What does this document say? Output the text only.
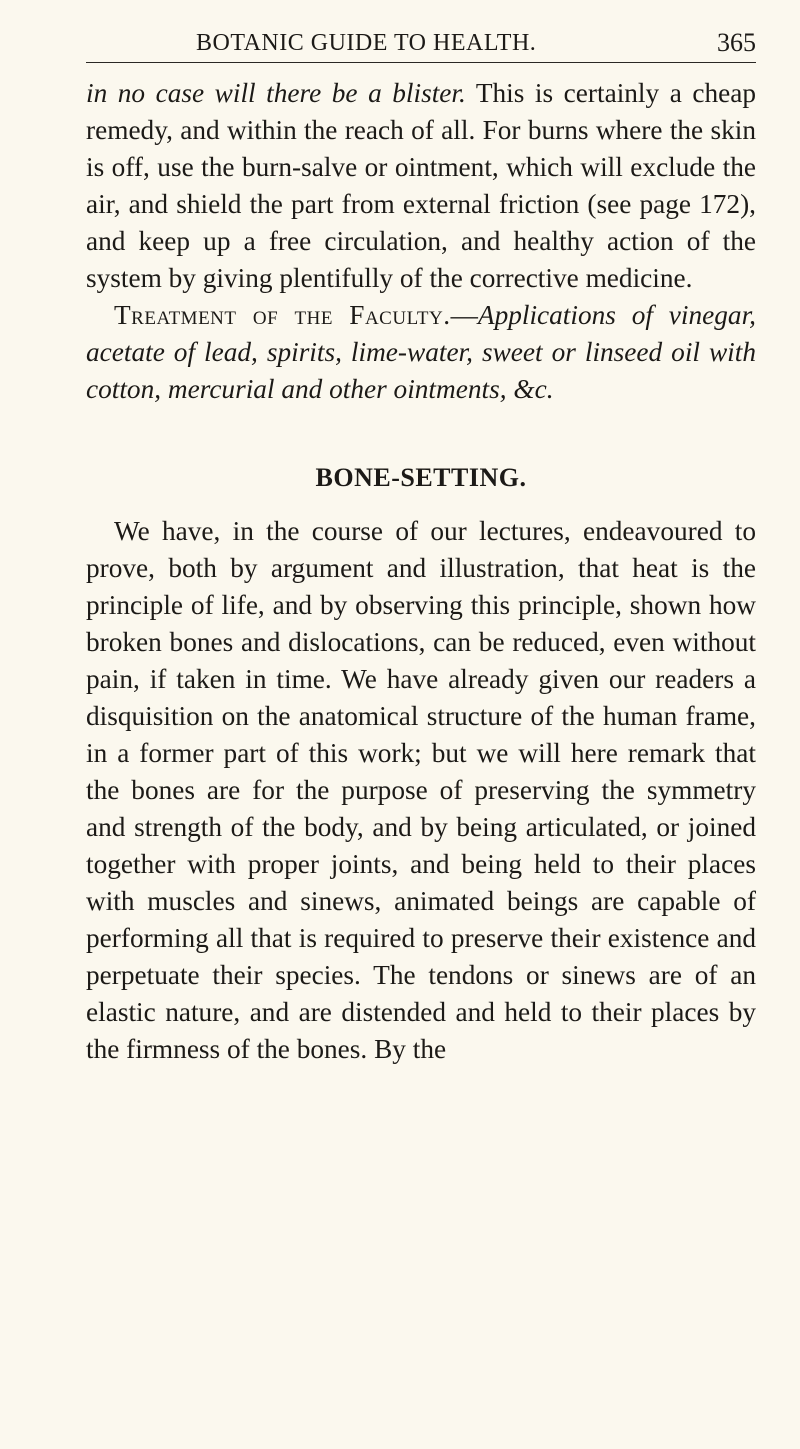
BOTANIC GUIDE TO HEALTH.	365

in no case will there be a blister. This is certainly a cheap remedy, and within the reach of all. For burns where the skin is off, use the burn-salve or ointment, which will exclude the air, and shield the part from external friction (see page 172), and keep up a free circulation, and healthy action of the system by giving plentifully of the corrective medicine.

Treatment of the Faculty.—Applications of vinegar, acetate of lead, spirits, lime-water, sweet or linseed oil with cotton, mercurial and other ointments, &c.

BONE-SETTING.

We have, in the course of our lectures, endeavoured to prove, both by argument and illustration, that heat is the principle of life, and by observing this principle, shown how broken bones and dislocations, can be reduced, even without pain, if taken in time. We have already given our readers a disquisition on the anatomical structure of the human frame, in a former part of this work; but we will here remark that the bones are for the purpose of preserving the symmetry and strength of the body, and by being articulated, or joined together with proper joints, and being held to their places with muscles and sinews, animated beings are capable of performing all that is required to preserve their existence and perpetuate their species. The tendons or sinews are of an elastic nature, and are distended and held to their places by the firmness of the bones. By the
